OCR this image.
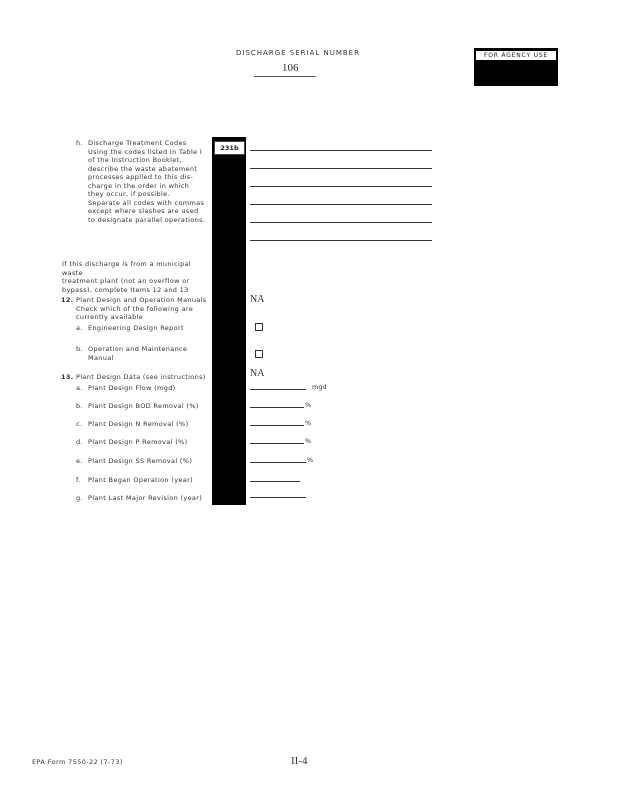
DISCHARGE SERIAL NUMBER
106
FOR AGENCY USE
h. Discharge Treatment Codes
Using the codes listed in Table I
of the Instruction Booklet,
describe the waste abatement
processes applied to this dis-
charge in the order in which
they occur, if possible.
Separate all codes with commas
except where slashes are used
to designate parallel operations.
231b
If this discharge is from a municipal waste
treatment plant (not an overflow or
bypass), complete Items 12 and 13
12. Plant Design and Operation Manuals
Check which of the following are
currently available
NA
a. Engineering Design Report
b. Operation and Maintenance
Manual
13. Plant Design Data (see instructions)	NA
a. Plant Design Flow (mgd)	mgd
b. Plant Design BOD Removal (%)	%
c. Plant Design N Removal (%)	%
d. Plant Design P Removal (%)	%
e. Plant Design SS Removal (%)	%
f. Plant Began Operation (year)
g. Plant Last Major Revision (year)
EPA Form 7550-22 (7-73)	II-4
